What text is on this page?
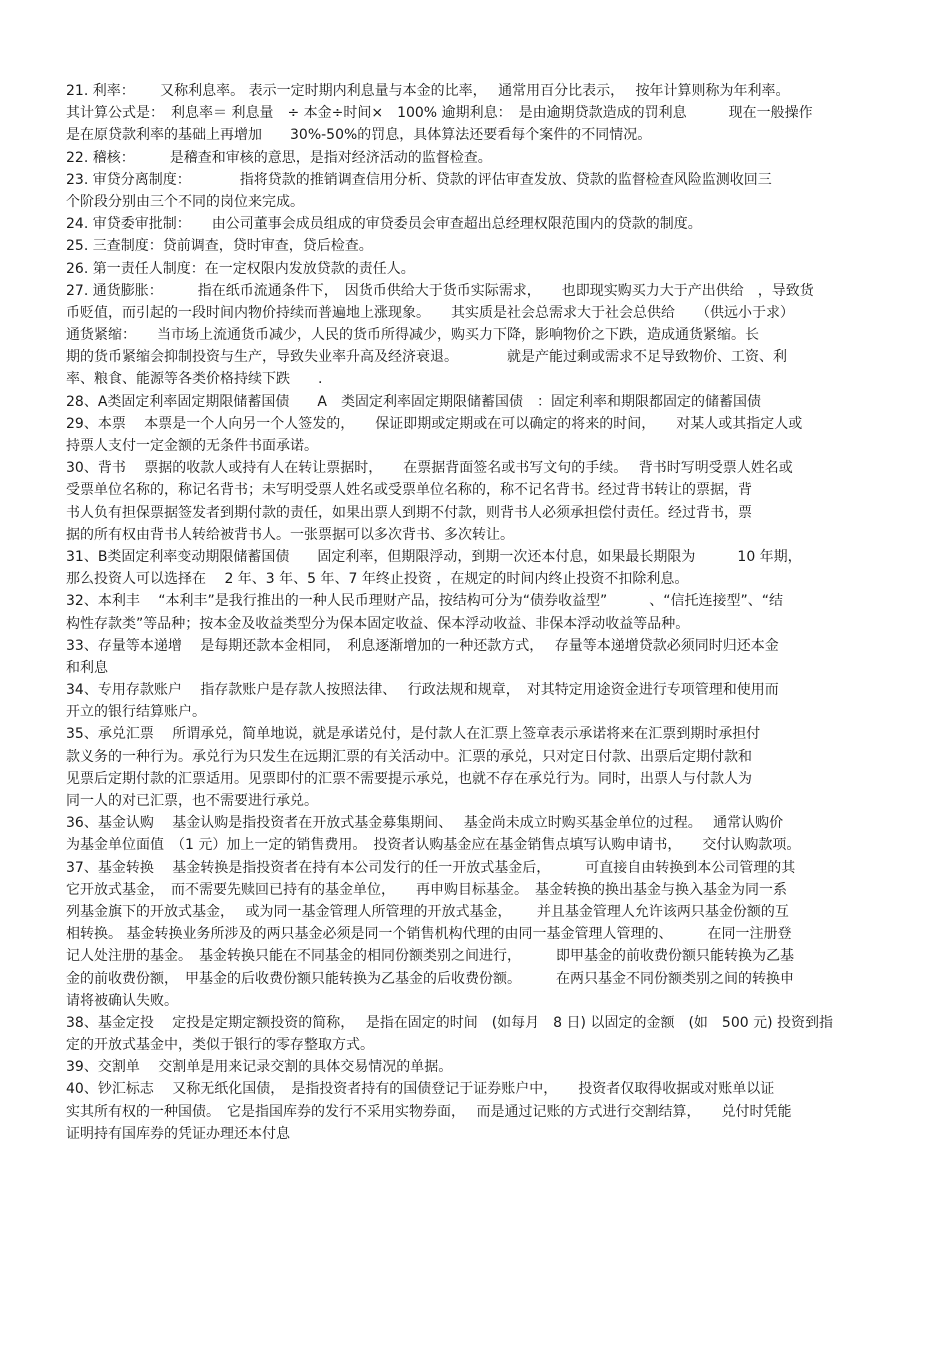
21. 利率：　　 又称利息率。 表示一定时期内利息量与本金的比率，　 通常用百分比表示，　 按年计算则称为年利率。
其计算公式是：　利息率＝ 利息量　÷ 本金÷时间×　100% 逾期利息：　是由逾期贷款造成的罚利息　　　现在一般操作
是在原贷款利率的基础上再增加　　30%-50%的罚息，具体算法还要看每个案件的不同情况。
22. 稽核：　　　是稽查和审核的意思，是指对经济活动的监督检查。
23. 审贷分离制度：　　　　指将贷款的推销调查信用分析、贷款的评估审查发放、贷款的监督检查风险监测收回三
个阶段分别由三个不同的岗位来完成。
24. 审贷委审批制：　　由公司董事会成员组成的审贷委员会审查超出总经理权限范围内的贷款的制度。
25. 三查制度：贷前调查，贷时审查，贷后检查。
26. 第一责任人制度：在一定权限内发放贷款的责任人。
27. 通货膨胀：　　　指在纸币流通条件下，　因货币供给大于货币实际需求，　　也即现实购买力大于产出供给　，导致货
币贬值，而引起的一段时间内物价持续而普遍地上涨现象。　　其实质是社会总需求大于社会总供给　　（供远小于求）
通货紧缩：　　当市场上流通货币减少，人民的货币所得减少，购买力下降，影响物价之下跌，造成通货紧缩。长
期的货币紧缩会抑制投资与生产，导致失业率升高及经济衰退。　　　　就是产能过剩或需求不足导致物价、工资、利
率、粮食、能源等各类价格持续下跌　　.
28、A类固定利率固定期限储蓄国债　　A　类固定利率固定期限储蓄国债　：固定利率和期限都固定的储蓄国债
29、本票　 本票是一个人向另一个人签发的，　　保证即期或定期或在可以确定的将来的时间，　　对某人或其指定人或
持票人支付一定金额的无条件书面承诺。
30、背书　 票据的收款人或持有人在转让票据时，　　在票据背面签名或书写文句的手续。　 背书时写明受票人姓名或
受票单位名称的，称记名背书；未写明受票人姓名或受票单位名称的，称不记名背书。经过背书转让的票据，背
书人负有担保票据签发者到期付款的责任，如果出票人到期不付款，则背书人必须承担偿付责任。经过背书，票
据的所有权由背书人转给被背书人。一张票据可以多次背书、多次转让。
31、B类固定利率变动期限储蓄国债　　固定利率，但期限浮动，到期一次还本付息，如果最长期限为　　　10 年期，
那么投资人可以选择在　 2 年、3 年、5 年、7 年终止投资 ，在规定的时间内终止投资不扣除利息。
32、本利丰　 “本利丰”是我行推出的一种人民币理财产品，按结构可分为“债券收益型”　　　、“信托连接型”、“结
构性存款类”等品种；按本金及收益类型分为保本固定收益、保本浮动收益、非保本浮动收益等品种。
33、存量等本递增　 是每期还款本金相同，　利息逐渐增加的一种还款方式，　 存量等本递增贷款必须同时归还本金
和利息
34、专用存款账户　 指存款账户是存款人按照法律、　 行政法规和规章，　对其特定用途资金进行专项管理和使用而
开立的银行结算账户。
35、承兑汇票　 所谓承兑，简单地说，就是承诺兑付，是付款人在汇票上签章表示承诺将来在汇票到期时承担付
款义务的一种行为。承兑行为只发生在远期汇票的有关活动中。汇票的承兑，只对定日付款、出票后定期付款和
见票后定期付款的汇票适用。见票即付的汇票不需要提示承兑，也就不存在承兑行为。同时，出票人与付款人为
同一人的对已汇票，也不需要进行承兑。
36、基金认购　 基金认购是指投资者在开放式基金募集期间、　 基金尚未成立时购买基金单位的过程。　 通常认购价
为基金单位面值　（1 元）加上一定的销售费用。　投资者认购基金应在基金销售点填写认购申请书，　　交付认购款项。
37、基金转换　 基金转换是指投资者在持有本公司发行的任一开放式基金后，　　　可直接自由转换到本公司管理的其
它开放式基金，　而不需要先赎回已持有的基金单位，　　再申购目标基金。　基金转换的换出基金与换入基金为同一系
列基金旗下的开放式基金，　 或为同一基金管理人所管理的开放式基金，　　 并且基金管理人允许该两只基金份额的互
相转换。 基金转换业务所涉及的两只基金必须是同一个销售机构代理的由同一基金管理人管理的、　　　在同一注册登
记人处注册的基金。　基金转换只能在不同基金的相同份额类别之间进行，　　　即甲基金的前收费份额只能转换为乙基
金的前收费份额，　甲基金的后收费份额只能转换为乙基金的后收费份额。　　　在两只基金不同份额类别之间的转换申
请将被确认失败。
38、基金定投　 定投是定期定额投资的简称，　 是指在固定的时间　(如每月　8 日) 以固定的金额　(如　500 元) 投资到指
定的开放式基金中，类似于银行的零存整取方式。
39、交割单　 交割单是用来记录交割的具体交易情况的单据。
40、钞汇标志　 又称无纸化国债，　是指投资者持有的国债登记于证券账户中，　　投资者仅取得收据或对账单以证
实其所有权的一种国债。　它是指国库券的发行不采用实物券面，　 而是通过记账的方式进行交割结算，　　兑付时凭能
证明持有国库券的凭证办理还本付息
